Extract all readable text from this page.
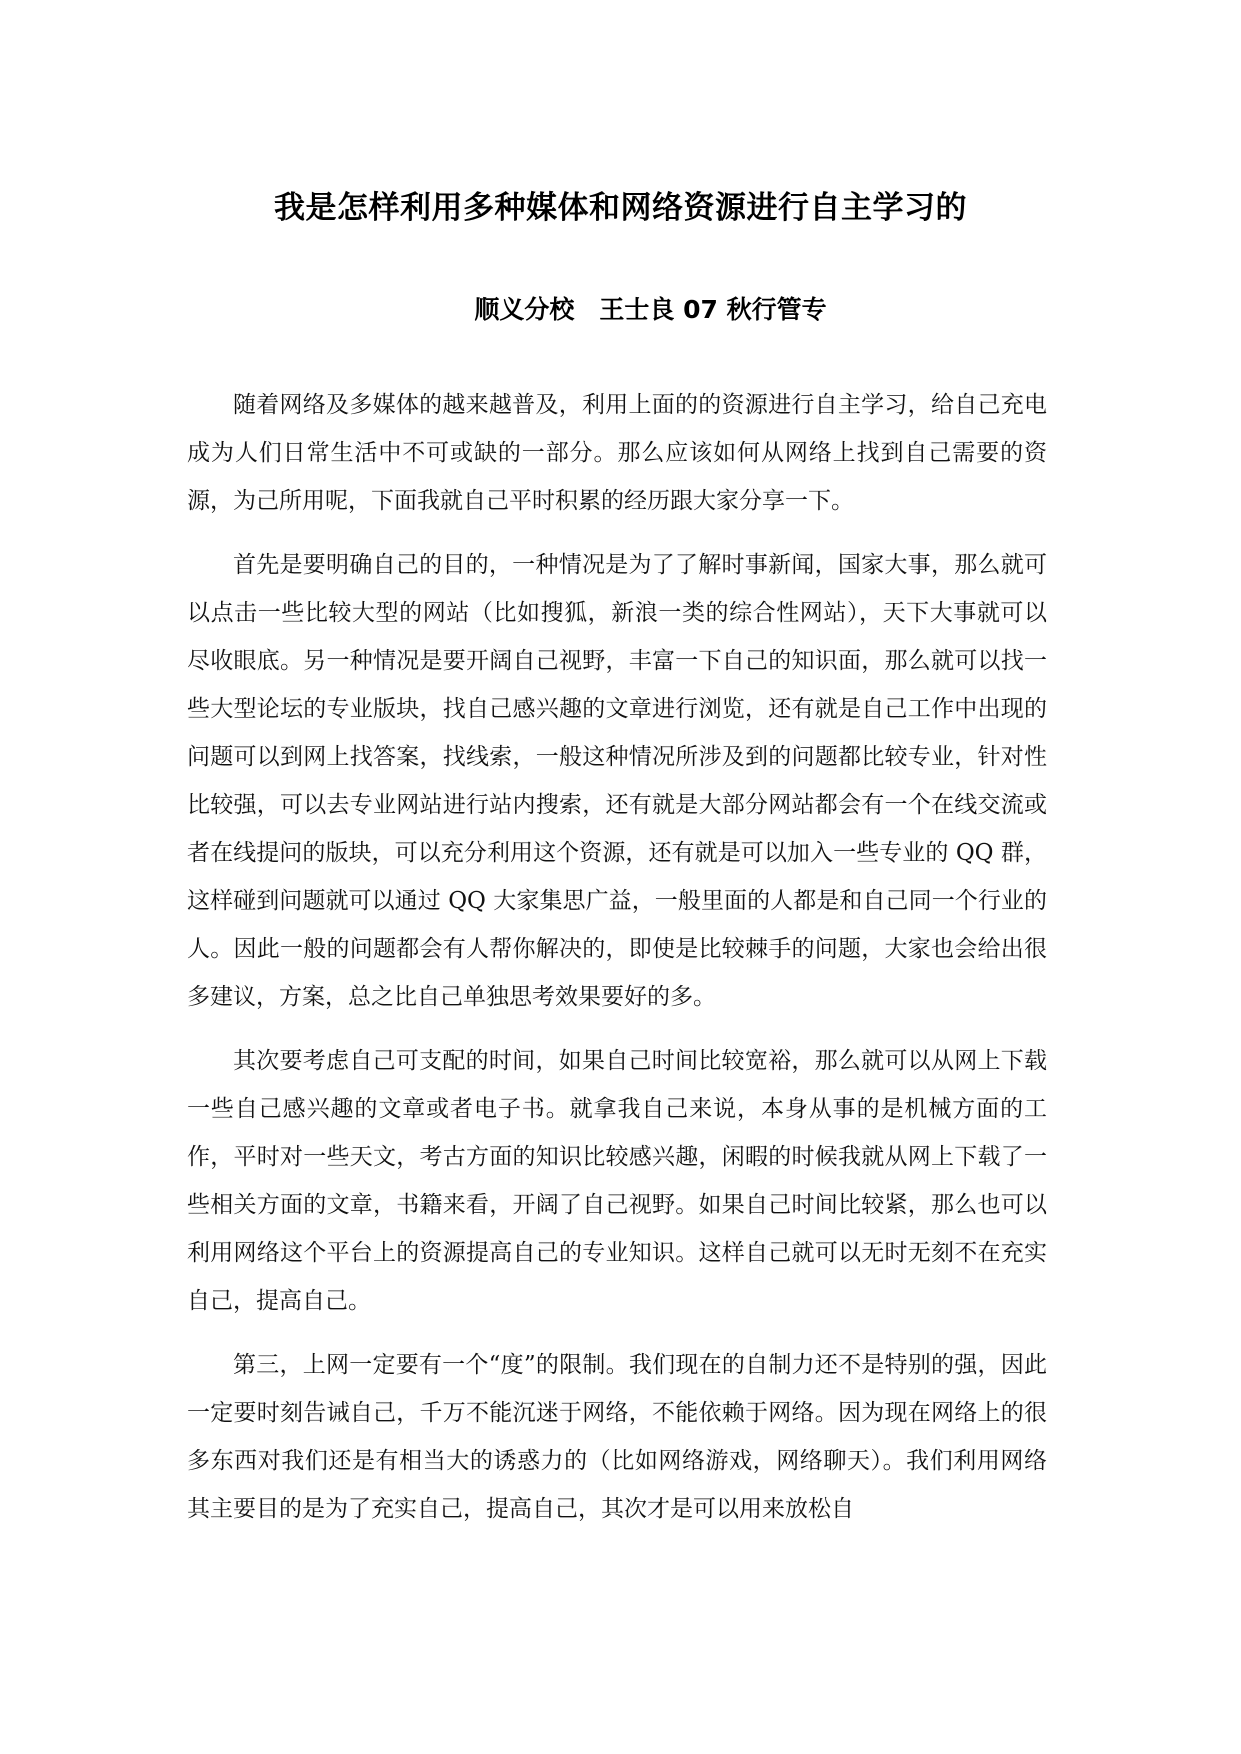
我是怎样利用多种媒体和网络资源进行自主学习的
顺义分校　王士良 07 秋行管专

随着网络及多媒体的越来越普及，利用上面的的资源进行自主学习，给自己充电成为人们日常生活中不可或缺的一部分。那么应该如何从网络上找到自己需要的资源，为己所用呢，下面我就自己平时积累的经历跟大家分享一下。

首先是要明确自己的目的，一种情况是为了了解时事新闻，国家大事，那么就可以点击一些比较大型的网站（比如搜狐，新浪一类的综合性网站），天下大事就可以尽收眼底。另一种情况是要开阔自己视野，丰富一下自己的知识面，那么就可以找一些大型论坛的专业版块，找自己感兴趣的文章进行浏览，还有就是自己工作中出现的问题可以到网上找答案，找线索，一般这种情况所涉及到的问题都比较专业，针对性比较强，可以去专业网站进行站内搜索，还有就是大部分网站都会有一个在线交流或者在线提问的版块，可以充分利用这个资源，还有就是可以加入一些专业的 QQ 群，这样碰到问题就可以通过 QQ 大家集思广益，一般里面的人都是和自己同一个行业的人。因此一般的问题都会有人帮你解决的，即使是比较棘手的问题，大家也会给出很多建议，方案，总之比自己单独思考效果要好的多。

其次要考虑自己可支配的时间，如果自己时间比较宽裕，那么就可以从网上下载一些自己感兴趣的文章或者电子书。就拿我自己来说，本身从事的是机械方面的工作，平时对一些天文，考古方面的知识比较感兴趣，闲暇的时候我就从网上下载了一些相关方面的文章，书籍来看，开阔了自己视野。如果自己时间比较紧，那么也可以利用网络这个平台上的资源提高自己的专业知识。这样自己就可以无时无刻不在充实自己，提高自己。

第三，上网一定要有一个“度”的限制。我们现在的自制力还不是特别的强，因此一定要时刻告诫自己，千万不能沉迷于网络，不能依赖于网络。因为现在网络上的很多东西对我们还是有相当大的诱惑力的（比如网络游戏，网络聊天）。我们利用网络其主要目的是为了充实自己，提高自己，其次才是可以用来放松自
